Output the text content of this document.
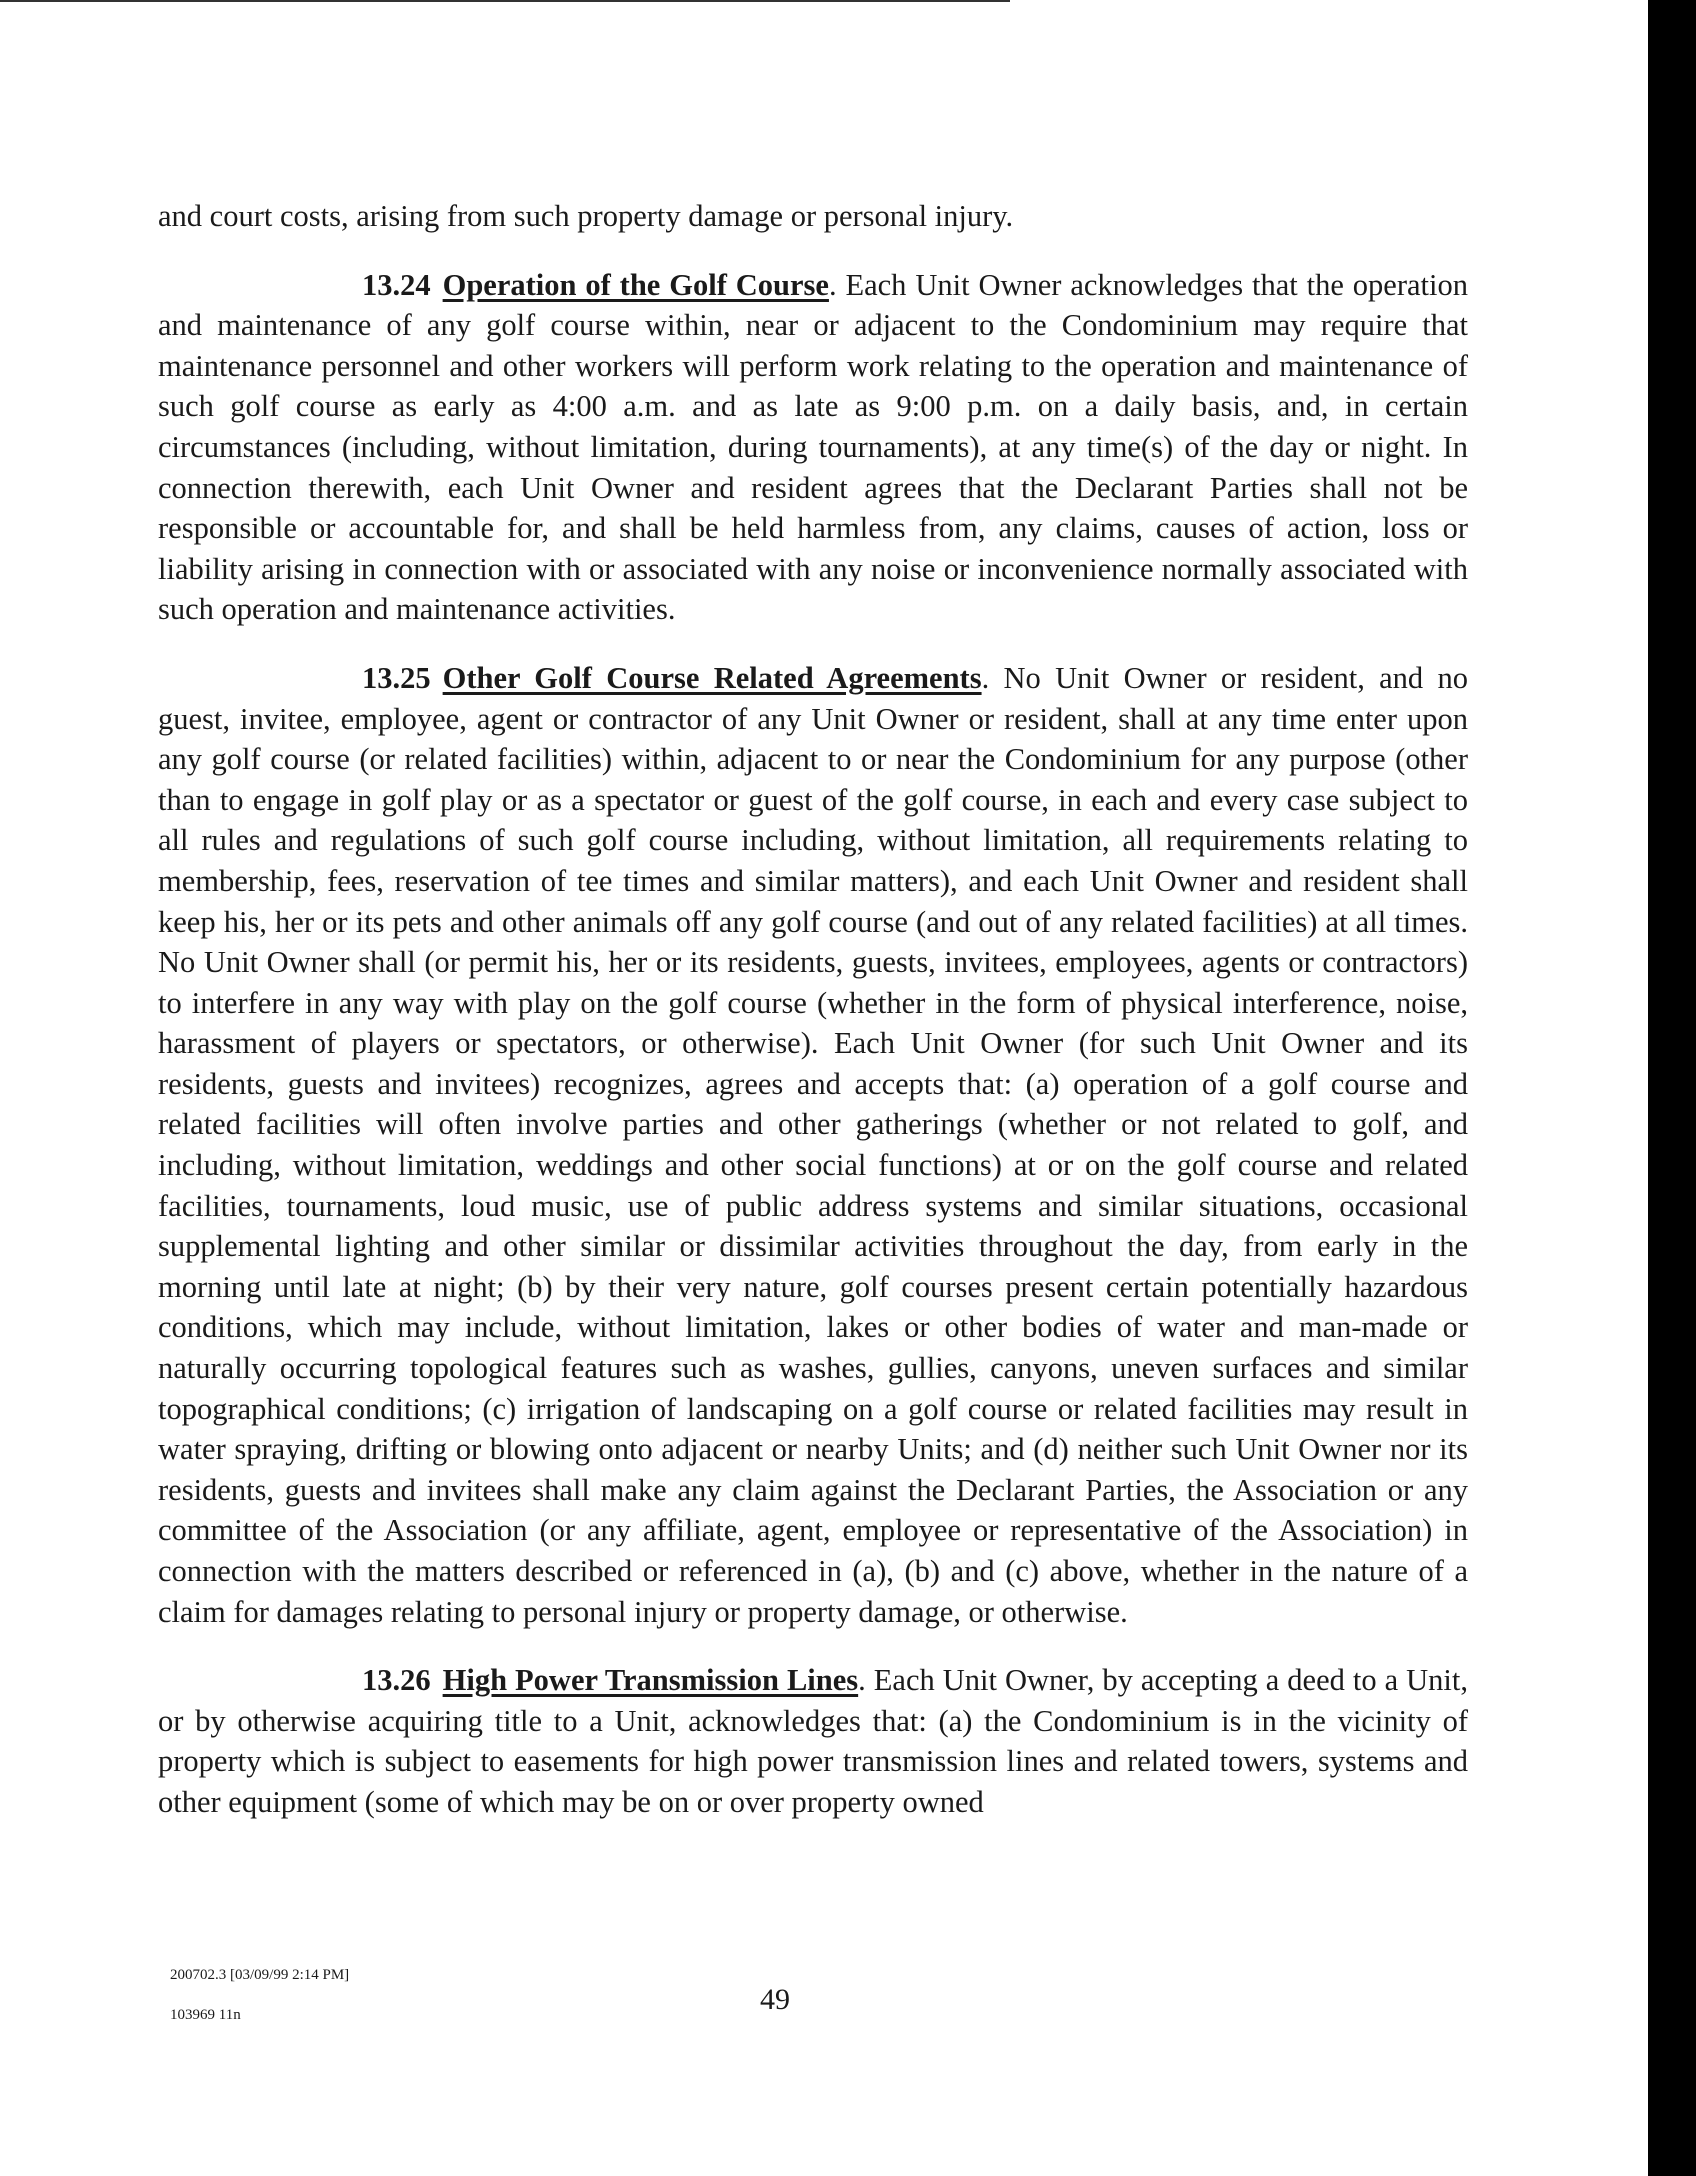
and court costs, arising from such property damage or personal injury.

13.24 Operation of the Golf Course. Each Unit Owner acknowledges that the operation and maintenance of any golf course within, near or adjacent to the Condominium may require that maintenance personnel and other workers will perform work relating to the operation and maintenance of such golf course as early as 4:00 a.m. and as late as 9:00 p.m. on a daily basis, and, in certain circumstances (including, without limitation, during tournaments), at any time(s) of the day or night. In connection therewith, each Unit Owner and resident agrees that the Declarant Parties shall not be responsible or accountable for, and shall be held harmless from, any claims, causes of action, loss or liability arising in connection with or associated with any noise or inconvenience normally associated with such operation and maintenance activities.

13.25 Other Golf Course Related Agreements. No Unit Owner or resident, and no guest, invitee, employee, agent or contractor of any Unit Owner or resident, shall at any time enter upon any golf course (or related facilities) within, adjacent to or near the Condominium for any purpose (other than to engage in golf play or as a spectator or guest of the golf course, in each and every case subject to all rules and regulations of such golf course including, without limitation, all requirements relating to membership, fees, reservation of tee times and similar matters), and each Unit Owner and resident shall keep his, her or its pets and other animals off any golf course (and out of any related facilities) at all times. No Unit Owner shall (or permit his, her or its residents, guests, invitees, employees, agents or contractors) to interfere in any way with play on the golf course (whether in the form of physical interference, noise, harassment of players or spectators, or otherwise). Each Unit Owner (for such Unit Owner and its residents, guests and invitees) recognizes, agrees and accepts that: (a) operation of a golf course and related facilities will often involve parties and other gatherings (whether or not related to golf, and including, without limitation, weddings and other social functions) at or on the golf course and related facilities, tournaments, loud music, use of public address systems and similar situations, occasional supplemental lighting and other similar or dissimilar activities throughout the day, from early in the morning until late at night; (b) by their very nature, golf courses present certain potentially hazardous conditions, which may include, without limitation, lakes or other bodies of water and man-made or naturally occurring topological features such as washes, gullies, canyons, uneven surfaces and similar topographical conditions; (c) irrigation of landscaping on a golf course or related facilities may result in water spraying, drifting or blowing onto adjacent or nearby Units; and (d) neither such Unit Owner nor its residents, guests and invitees shall make any claim against the Declarant Parties, the Association or any committee of the Association (or any affiliate, agent, employee or representative of the Association) in connection with the matters described or referenced in (a), (b) and (c) above, whether in the nature of a claim for damages relating to personal injury or property damage, or otherwise.

13.26 High Power Transmission Lines. Each Unit Owner, by accepting a deed to a Unit, or by otherwise acquiring title to a Unit, acknowledges that: (a) the Condominium is in the vicinity of property which is subject to easements for high power transmission lines and related towers, systems and other equipment (some of which may be on or over property owned

200702.3 [03/09/99 2:14 PM]
103969 11n	49
